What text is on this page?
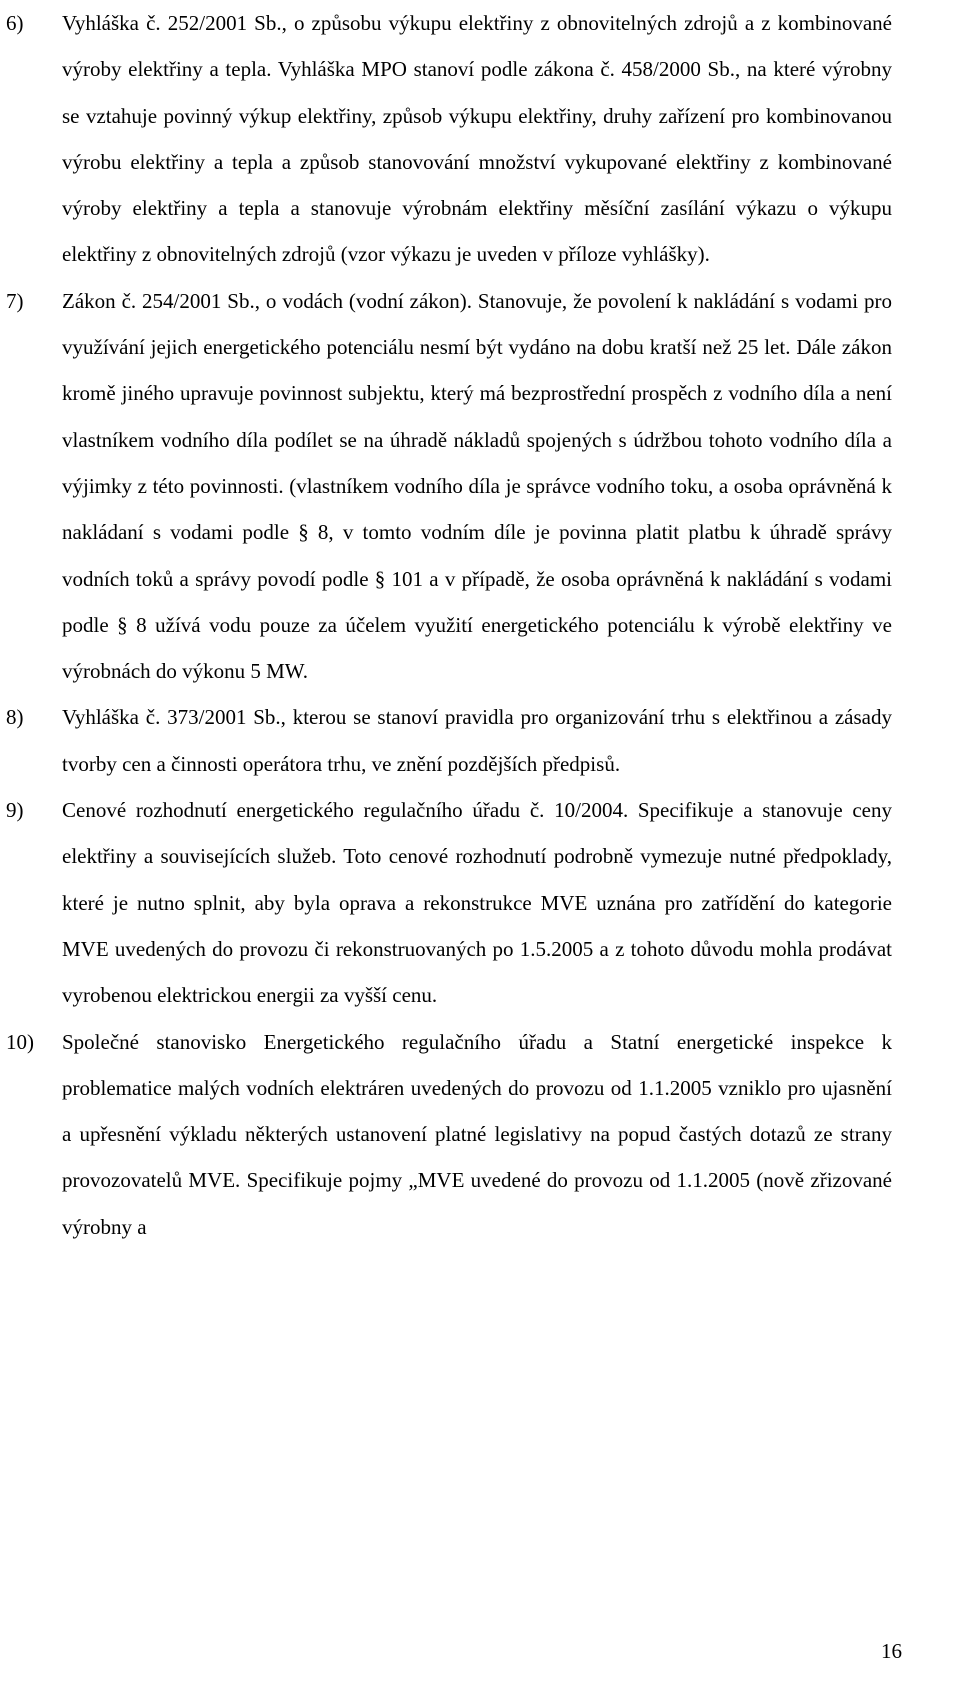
6)	Vyhláška č. 252/2001 Sb., o způsobu výkupu elektřiny z obnovitelných zdrojů a z kombinované výroby elektřiny a tepla. Vyhláška MPO stanoví podle zákona č. 458/2000 Sb., na které výrobny se vztahuje povinný výkup elektřiny, způsob výkupu elektřiny, druhy zařízení pro kombinovanou výrobu elektřiny a tepla a způsob stanovování množství vykupované elektřiny z kombinované výroby elektřiny a tepla a stanovuje výrobnám elektřiny měsíční zasílání výkazu o výkupu elektřiny z obnovitelných zdrojů (vzor výkazu je uveden v příloze vyhlášky).
7)	Zákon č. 254/2001 Sb., o vodách (vodní zákon). Stanovuje, že povolení k nakládání s vodami pro využívání jejich energetického potenciálu nesmí být vydáno na dobu kratší než 25 let. Dále zákon kromě jiného upravuje povinnost subjektu, který má bezprostřední prospěch z vodního díla a není vlastníkem vodního díla podílet se na úhradě nákladů spojených s údržbou tohoto vodního díla a výjimky z této povinnosti. (vlastníkem vodního díla je správce vodního toku, a osoba oprávněná k nakládaní s vodami podle § 8, v tomto vodním díle je povinna platit platbu k úhradě správy vodních toků a správy povodí podle § 101 a v případě, že osoba oprávněná k nakládání s vodami podle § 8 užívá vodu pouze za účelem využití energetického potenciálu k výrobě elektřiny ve výrobnách do výkonu 5 MW.
8)	Vyhláška č. 373/2001 Sb., kterou se stanoví pravidla pro organizování trhu s elektřinou a zásady tvorby cen a činnosti operátora trhu, ve znění pozdějších předpisů.
9)	Cenové rozhodnutí energetického regulačního úřadu č. 10/2004. Specifikuje a stanovuje ceny elektřiny a souvisejících služeb. Toto cenové rozhodnutí podrobně vymezuje nutné předpoklady, které je nutno splnit, aby byla oprava a rekonstrukce MVE uznána pro zatřídění do kategorie MVE uvedených do provozu či rekonstruovaných po 1.5.2005 a z tohoto důvodu mohla prodávat vyrobenou elektrickou energii za vyšší cenu.
10)	Společné stanovisko Energetického regulačního úřadu a Statní energetické inspekce k problematice malých vodních elektráren uvedených do provozu od 1.1.2005 vzniklo pro ujasnění a upřesnění výkladu některých ustanovení platné legislativy na popud častých dotazů ze strany provozovatelů MVE. Specifikuje pojmy „MVE uvedené do provozu od 1.1.2005 (nově zřizované výrobny a
16
